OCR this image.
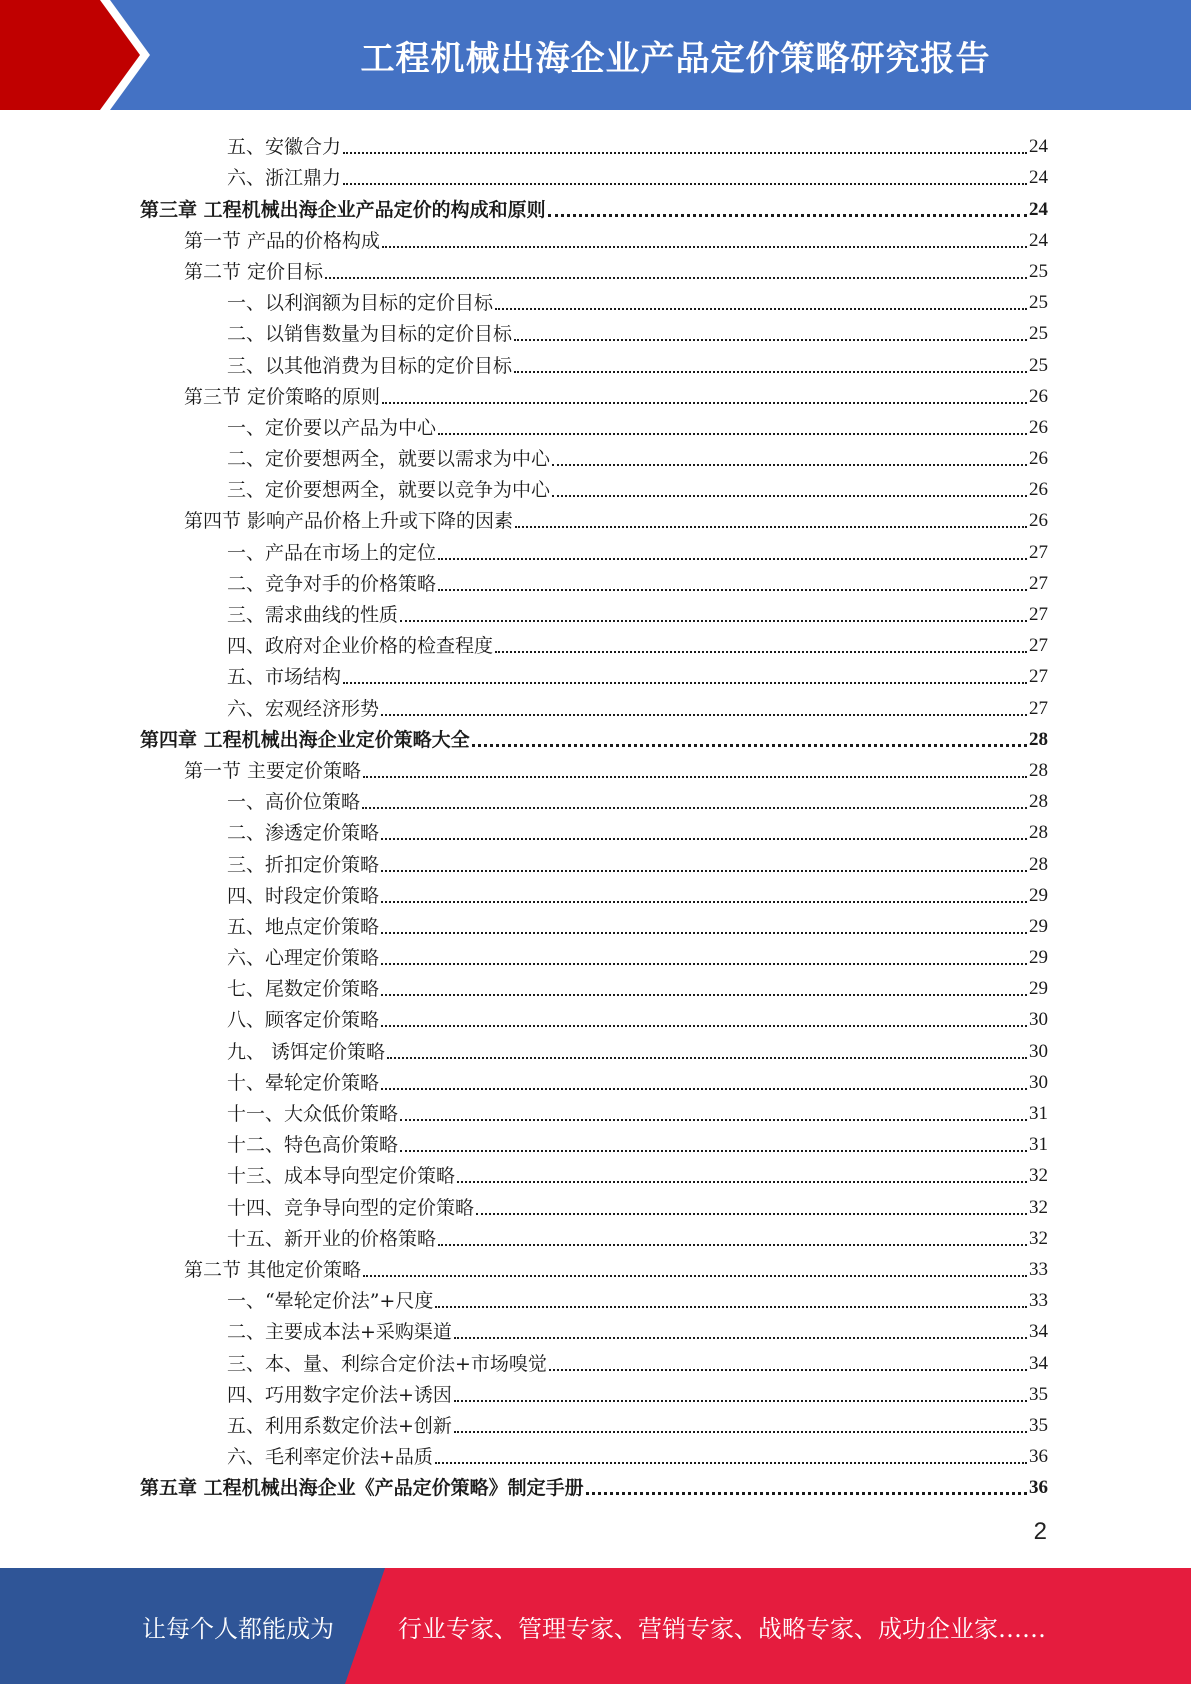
工程机械出海企业产品定价策略研究报告
五、安徽合力	24
六、浙江鼎力	24
第三章 工程机械出海企业产品定价的构成和原则	24
第一节 产品的价格构成	24
第二节 定价目标	25
一、以利润额为目标的定价目标	25
二、以销售数量为目标的定价目标	25
三、以其他消费为目标的定价目标	25
第三节 定价策略的原则	26
一、定价要以产品为中心	26
二、定价要想两全，就要以需求为中心	26
三、定价要想两全，就要以竞争为中心	26
第四节 影响产品价格上升或下降的因素	26
一、产品在市场上的定位	27
二、竞争对手的价格策略	27
三、需求曲线的性质	27
四、政府对企业价格的检查程度	27
五、市场结构	27
六、宏观经济形势	27
第四章 工程机械出海企业定价策略大全	28
第一节 主要定价策略	28
一、高价位策略	28
二、渗透定价策略	28
三、折扣定价策略	28
四、时段定价策略	29
五、地点定价策略	29
六、心理定价策略	29
七、尾数定价策略	29
八、顾客定价策略	30
九、 诱饵定价策略	30
十、晕轮定价策略	30
十一、大众低价策略	31
十二、特色高价策略	31
十三、成本导向型定价策略	32
十四、竞争导向型的定价策略	32
十五、新开业的价格策略	32
第二节 其他定价策略	33
一、“晕轮定价法”+尺度	33
二、主要成本法+采购渠道	34
三、本、量、利综合定价法+市场嗅觉	34
四、巧用数字定价法+诱因	35
五、利用系数定价法+创新	35
六、毛利率定价法+品质	36
第五章 工程机械出海企业《产品定价策略》制定手册	36
2
让每个人都能成为	行业专家、管理专家、营销专家、战略专家、成功企业家……
